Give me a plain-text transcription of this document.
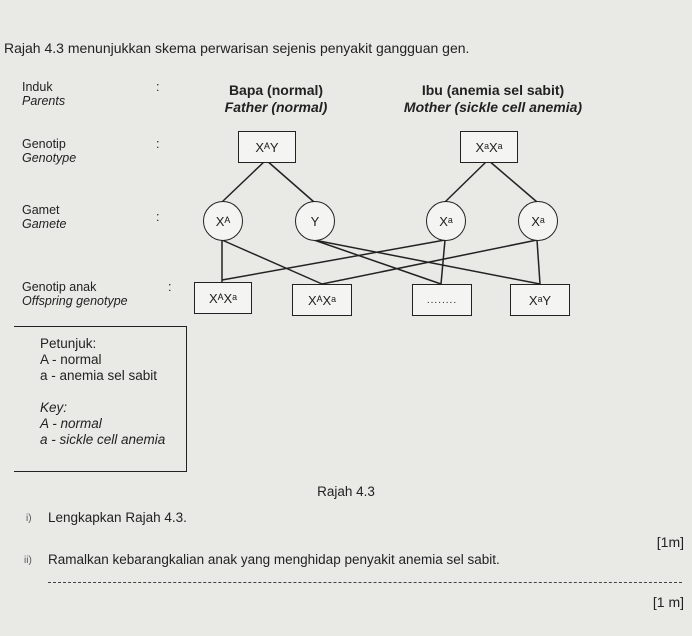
Rajah 4.3 menunjukkan skema perwarisan sejenis penyakit gangguan gen.
Induk
Parents
:
Genotip
Genotype
:
Gamet
Gamete	:
Genotip anak
Offspring genotype
:
Bapa (normal)
Father (normal)
Ibu (anemia sel sabit)
Mother (sickle cell anemia)
XᴬY	XᵃXᵃ
Xᴬ	Y	Xᵃ	Xᵃ
XᴬXᵃ	XᴬXᵃ	........	XᵃY
Petunjuk:
A - normal
a - anemia sel sabit
Key:
A - normal
a - sickle cell anemia
Rajah 4.3
i) Lengkapkan Rajah 4.3.
[1m]
ii) Ramalkan kebarangkalian anak yang menghidap penyakit anemia sel sabit.
[1 m]
